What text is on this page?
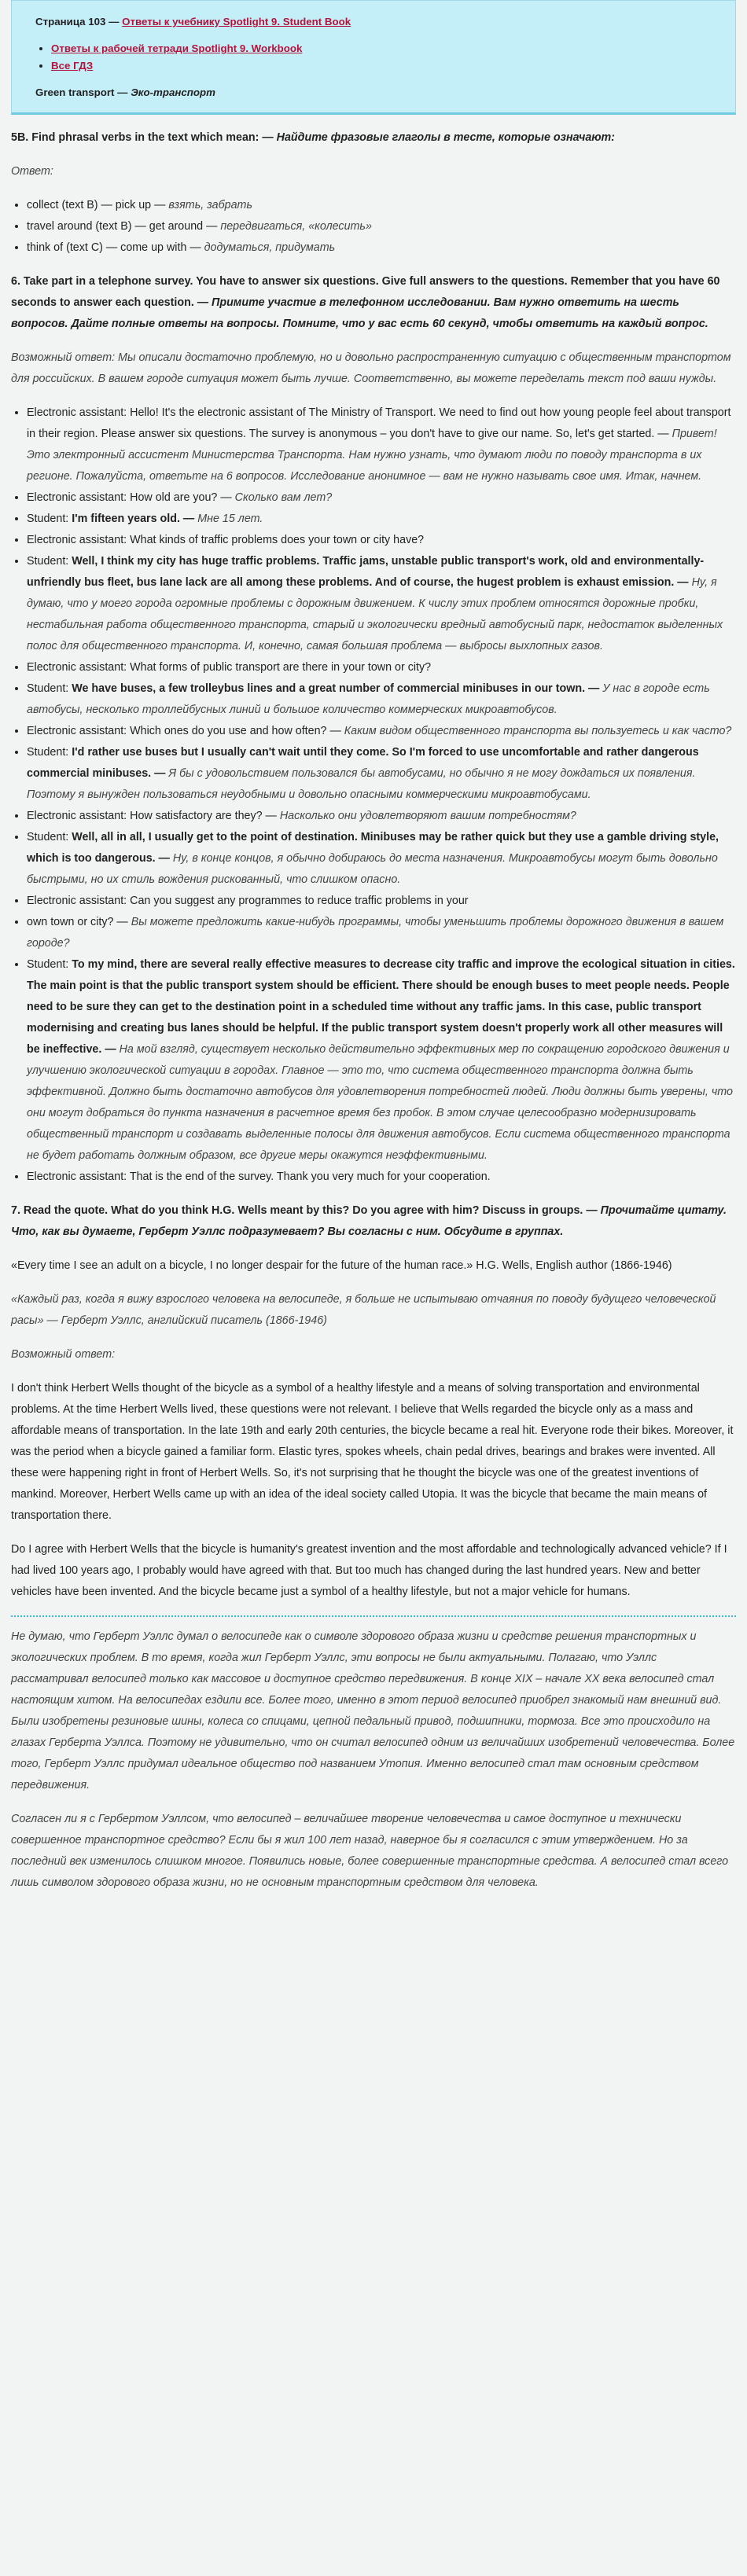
Страница 103 — Ответы к учебнику Spotlight 9. Student Book
• Ответы к рабочей тетради Spotlight 9. Workbook
• Все ГДЗ
Green transport — Эко-транспорт

5B. Find phrasal verbs in the text which mean: — Найдите фразовые глаголы в тесте, которые означают:

Ответ:

• collect (text B) — pick up — взять, забрать
• travel around (text B) — get around — передвигаться, «колесить»
• think of (text C) — come up with — додуматься, придумать

6. Take part in a telephone survey. You have to answer six questions. Give full answers to the questions. Remember that you have 60 seconds to answer each question. — Примите участие в телефонном исследовании. Вам нужно ответить на шесть вопросов. Дайте полные ответы на вопросы. Помните, что у вас есть 60 секунд, чтобы ответить на каждый вопрос.

Возможный ответ: Мы описали достаточно проблемую, но и довольно распространенную ситуацию с общественным транспортом для российских. В вашем городе ситуация может быть лучше. Соответственно, вы можете переделать текст под ваши нужды.

• Electronic assistant: Hello! It's the electronic assistant of The Ministry of Transport. We need to find out how young people feel about transport in their region. Please answer six questions. The survey is anonymous – you don't have to give our name. So, let's get started. — Привет! Это электронный ассистент Министерства Транспорта. Нам нужно узнать, что думают люди по поводу транспорта в их регионе. Пожалуйста, ответьте на 6 вопросов. Исследование анонимное — вам не нужно называть свое имя. Итак, начнем.
• Electronic assistant: How old are you? — Сколько вам лет?
• Student: I'm fifteen years old. — Мне 15 лет.
• Electronic assistant: What kinds of traffic problems does your town or city have?
• Student: Well, I think my city has huge traffic problems. Traffic jams, unstable public transport's work, old and environmentally-unfriendly bus fleet, bus lane lack are all among these problems. And of course, the hugest problem is exhaust emission. — Ну, я думаю, что у моего города огромные проблемы с дорожным движением. К числу этих проблем относятся дорожные пробки, нестабильная работа общественного транспорта, старый и экологически вредный автобусный парк, недостаток выделенных полос для общественного транспорта. И, конечно, самая большая проблема — выбросы выхлопных газов.
• Electronic assistant: What forms of public transport are there in your town or city?
• Student: We have buses, a few trolleybus lines and a great number of commercial minibuses in our town. — У нас в городе есть автобусы, несколько троллейбусных линий и большое количество коммерческих микроавтобусов.
• Electronic assistant: Which ones do you use and how often? — Каким видом общественного транспорта вы пользуетесь и как часто?
• Student: I'd rather use buses but I usually can't wait until they come. So I'm forced to use uncomfortable and rather dangerous commercial minibuses. — Я бы с удовольствием пользовался бы автобусами, но обычно я не могу дождаться их появления. Поэтому я вынужден пользоваться неудобными и довольно опасными коммерческими микроавтобусами.
• Electronic assistant: How satisfactory are they? — Насколько они удовлетворяют вашим потребностям?
• Student: Well, all in all, I usually get to the point of destination. Minibuses may be rather quick but they use a gamble driving style, which is too dangerous. — Ну, в конце концов, я обычно добираюсь до места назначения. Микроавтобусы могут быть довольно быстрыми, но их стиль вождения рискованный, что слишком опасно.
• Electronic assistant: Can you suggest any programmes to reduce traffic problems in your
• own town or city? — Вы можете предложить какие-нибудь программы, чтобы уменьшить проблемы дорожного движения в вашем городе?
• Student: To my mind, there are several really effective measures to decrease city traffic and improve the ecological situation in cities. The main point is that the public transport system should be efficient. There should be enough buses to meet people needs. People need to be sure they can get to the destination point in a scheduled time without any traffic jams. In this case, public transport modernising and creating bus lanes should be helpful. If the public transport system doesn't properly work all other measures will be ineffective. — На мой взгляд, существует несколько действительно эффективных мер по сокращению городского движения и улучшению экологической ситуации в городах. Главное — это то, что система общественного транспорта должна быть эффективной. Должно быть достаточно автобусов для удовлетворения потребностей людей. Люди должны быть уверены, что они могут добраться до пункта назначения в расчетное время без пробок. В этом случае целесообразно модернизировать общественный транспорт и создавать выделенные полосы для движения автобусов. Если система общественного транспорта не будет работать должным образом, все другие меры окажутся неэффективными.
• Electronic assistant: That is the end of the survey. Thank you very much for your cooperation.

7. Read the quote. What do you think H.G. Wells meant by this? Do you agree with him? Discuss in groups. — Прочитайте цитату. Что, как вы думаете, Герберт Уэллс подразумевает? Вы согласны с ним. Обсудите в группах.

«Every time I see an adult on a bicycle, I no longer despair for the future of the human race.» H.G. Wells, English author (1866-1946)

«Каждый раз, когда я вижу взрослого человека на велосипеде, я больше не испытываю отчаяния по поводу будущего человеческой расы» — Герберт Уэллс, английский писатель (1866-1946)

Возможный ответ:

I don't think Herbert Wells thought of the bicycle as a symbol of a healthy lifestyle and a means of solving transportation and environmental problems. At the time Herbert Wells lived, these questions were not relevant. I believe that Wells regarded the bicycle only as a mass and affordable means of transportation. In the late 19th and early 20th centuries, the bicycle became a real hit. Everyone rode their bikes. Moreover, it was the period when a bicycle gained a familiar form. Elastic tyres, spokes wheels, chain pedal drives, bearings and brakes were invented. All these were happening right in front of Herbert Wells. So, it's not surprising that he thought the bicycle was one of the greatest inventions of mankind. Moreover, Herbert Wells came up with an idea of the ideal society called Utopia. It was the bicycle that became the main means of transportation there.

Do I agree with Herbert Wells that the bicycle is humanity's greatest invention and the most affordable and technologically advanced vehicle? If I had lived 100 years ago, I probably would have agreed with that. But too much has changed during the last hundred years. New and better vehicles have been invented. And the bicycle became just a symbol of a healthy lifestyle, but not a major vehicle for humans.

Не думаю, что Герберт Уэллс думал о велосипеде как о символе здорового образа жизни и средстве решения транспортных и экологических проблем. В то время, когда жил Герберт Уэллс, эти вопросы не были актуальными. Полагаю, что Уэллс рассматривал велосипед только как массовое и доступное средство передвижения. В конце XIX – начале XX века велосипед стал настоящим хитом. На велосипедах ездили все. Более того, именно в этот период велосипед приобрел знакомый нам внешний вид. Были изобретены резиновые шины, колеса со спицами, цепной педальный привод, подшипники, тормоза. Все это происходило на глазах Герберта Уэллса. Поэтому не удивительно, что он считал велосипед одним из величайших изобретений человечества. Более того, Герберт Уэллс придумал идеальное общество под названием Утопия. Именно велосипед стал там основным средством передвижения.

Согласен ли я с Гербертом Уэллсом, что велосипед – величайшее творение человечества и самое доступное и технически совершенное транспортное средство? Если бы я жил 100 лет назад, наверное бы я согласился с этим утверждением. Но за последний век изменилось слишком многое. Появились новые, более совершенные транспортные средства. А велосипед стал всего лишь символом здорового образа жизни, но не основным транспортным средством для человека.
